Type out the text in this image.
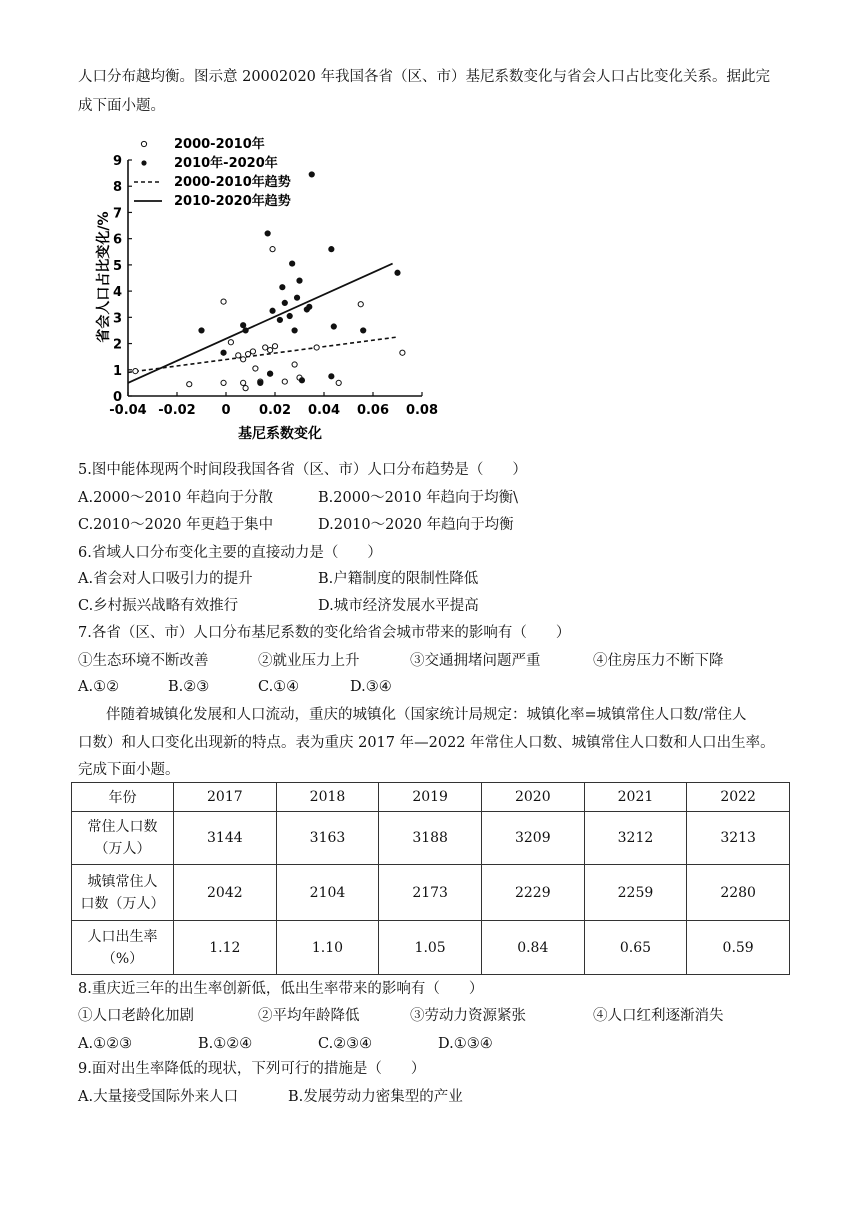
人口分布越均衡。图示意 20002020 年我国各省（区、市）基尼系数变化与省会人口占比变化关系。据此完
成下面小题。
-0.04 -0.02 0 0.02 0.04 0.06 0.08
0
1
2
3
4
5
6
7
8
9
2000-2010年
2010年-2020年
2000-2010年趋势
2010-2020年趋势
基尼系数变化
省会人口占比变化/%
5.图中能体现两个时间段我国各省（区、市）人口分布趋势是（　　）
A.2000～2010 年趋向于分散	B.2000～2010 年趋向于均衡\
C.2010～2020 年更趋于集中	D.2010～2020 年趋向于均衡
6.省域人口分布变化主要的直接动力是（　　）
A.省会对人口吸引力的提升	B.户籍制度的限制性降低
C.乡村振兴战略有效推行	D.城市经济发展水平提高
7.各省（区、市）人口分布基尼系数的变化给省会城市带来的影响有（　　）
①生态环境不断改善	②就业压力上升	③交通拥堵问题严重	④住房压力不断下降
A.①②	B.②③	C.①④	D.③④
伴随着城镇化发展和人口流动，重庆的城镇化（国家统计局规定：城镇化率=城镇常住人口数/常住人
口数）和人口变化出现新的特点。表为重庆 2017 年—2022 年常住人口数、城镇常住人口数和人口出生率。
完成下面小题。
年份	2017	2018	2019	2020	2021	2022
常住人口数
（万人）	3144	3163	3188	3209	3212	3213
城镇常住人
口数（万人）	2042	2104	2173	2229	2259	2280
人口出生率
（%）	1.12	1.10	1.05	0.84	0.65	0.59
8.重庆近三年的出生率创新低，低出生率带来的影响有（　　）
①人口老龄化加剧	②平均年龄降低	③劳动力资源紧张	④人口红利逐渐消失
A.①②③	B.①②④	C.②③④	D.①③④
9.面对出生率降低的现状，下列可行的措施是（　　）
A.大量接受国际外来人口	B.发展劳动力密集型的产业
